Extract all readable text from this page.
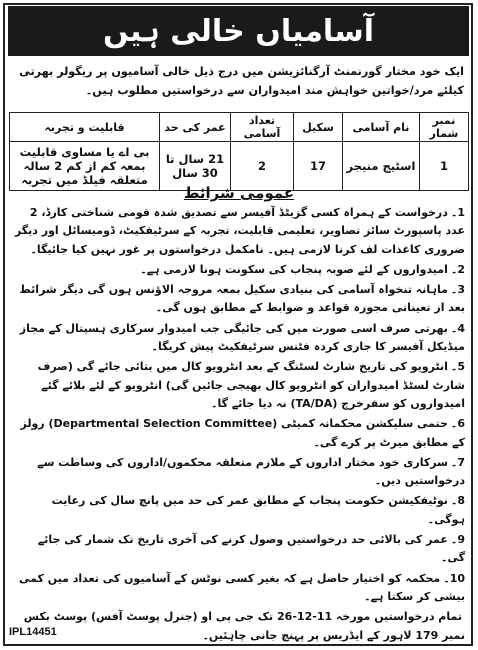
آسامیاں خالی ہیں
ایک خود مختار گورنمنٹ آرگنائزیشن میں درج ذیل خالی آسامیوں پر ریگولر بھرتی کیلئے مرد/خواتین خواہش مند امیدواران سے درخواستیں مطلوب ہیں۔
نمبر شمار	نام آسامی	سکیل	تعداد آسامی	عمر کی حد	قابلیت و تجربہ
1	اسٹیج منیجر	17	2	21 سال تا 30 سال	بی اے یا مساوی قابلیت بمعہ کم از کم 2 سالہ متعلقہ فیلڈ میں تجربہ
عمومی شرائط
1۔درخواست کے ہمراہ کسی گزیٹڈ آفیسر سے تصدیق شدہ قومی شناختی کارڈ، 2 عدد پاسپورٹ سائز تصاویر، تعلیمی قابلیت، تجربہ کے سرٹیفکیٹ، ڈومیسائل اور دیگر ضروری کاغذات لف کرنا لازمی ہیں۔ نامکمل درخواستوں پر غور نہیں کیا جائیگا۔
2۔امیدواروں کے لئے صوبہ پنجاب کی سکونت ہونا لازمی ہے۔
3۔ماہانہ تنخواہ آسامی کی بنیادی سکیل بمعہ مروجہ الاؤنس ہوں گی دیگر شرائط بعد از تعیناتی مجوزہ قواعد و ضوابط کے مطابق ہوں گی۔
4۔بھرتی صرف اسی صورت میں کی جائیگی جب امیدوار سرکاری ہسپتال کے مجاز میڈیکل آفیسر کا جاری کردہ فٹنس سرٹیفکیٹ پیش کریگا۔
5۔انٹرویو کی تاریخ شارٹ لسٹنگ کے بعد انٹرویو کال میں بتائی جائے گی (صرف شارٹ لسٹڈ امیدواران کو انٹرویو کال بھیجی جائیں گی) انٹرویو کے لئے بلائے گئے امیدواروں کو سفرخرچ (TA/DA) نہ دیا جائے گا۔
6۔حتمی سلیکشن محکمانہ کمیٹی (Departmental Selection Committee) رولز کے مطابق میرٹ پر کرے گی۔
7۔سرکاری خود مختار اداروں کے ملازم متعلقہ محکموں/اداروں کی وساطت سے درخواستیں دیں۔
8۔نوٹیفکیشن حکومت پنجاب کے مطابق عمر کی حد میں پانچ سال کی رعایت ہوگی۔
9۔عمر کی بالائی حد درخواستیں وصول کرنے کی آخری تاریخ تک شمار کی جائے گی۔
10۔محکمہ کو اختیار حاصل ہے کہ بغیر کسی نوٹس کے آسامیوں کی تعداد میں کمی بیشی کر سکتا ہے۔
تمام درخواستیں مورخہ 11-12-26 تک جی پی او (جنرل پوسٹ آفس) پوسٹ بکس نمبر 179 لاہور کے ایڈریس پر پہنچ جانی چاہئیں۔
IPL14451
